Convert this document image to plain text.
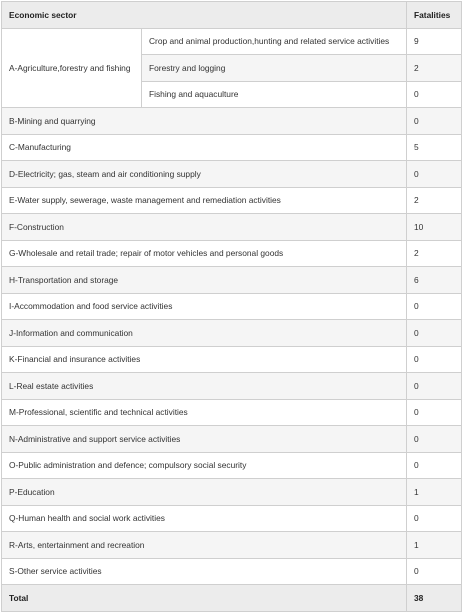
Economic sector		Fatalities
A-Agriculture,forestry and fishing	Crop and animal production,hunting and related service activities	9
	Forestry and logging	2
	Fishing and aquaculture	0
B-Mining and quarrying		0
C-Manufacturing		5
D-Electricity; gas, steam and air conditioning supply		0
E-Water supply, sewerage, waste management and remediation activities		2
F-Construction		10
G-Wholesale and retail trade; repair of motor vehicles and personal goods		2
H-Transportation and storage		6
I-Accommodation and food service activities		0
J-Information and communication		0
K-Financial and insurance activities		0
L-Real estate activities		0
M-Professional, scientific and technical activities		0
N-Administrative and support service activities		0
O-Public administration and defence; compulsory social security		0
P-Education		1
Q-Human health and social work activities		0
R-Arts, entertainment and recreation		1
S-Other service activities		0
Total		38
